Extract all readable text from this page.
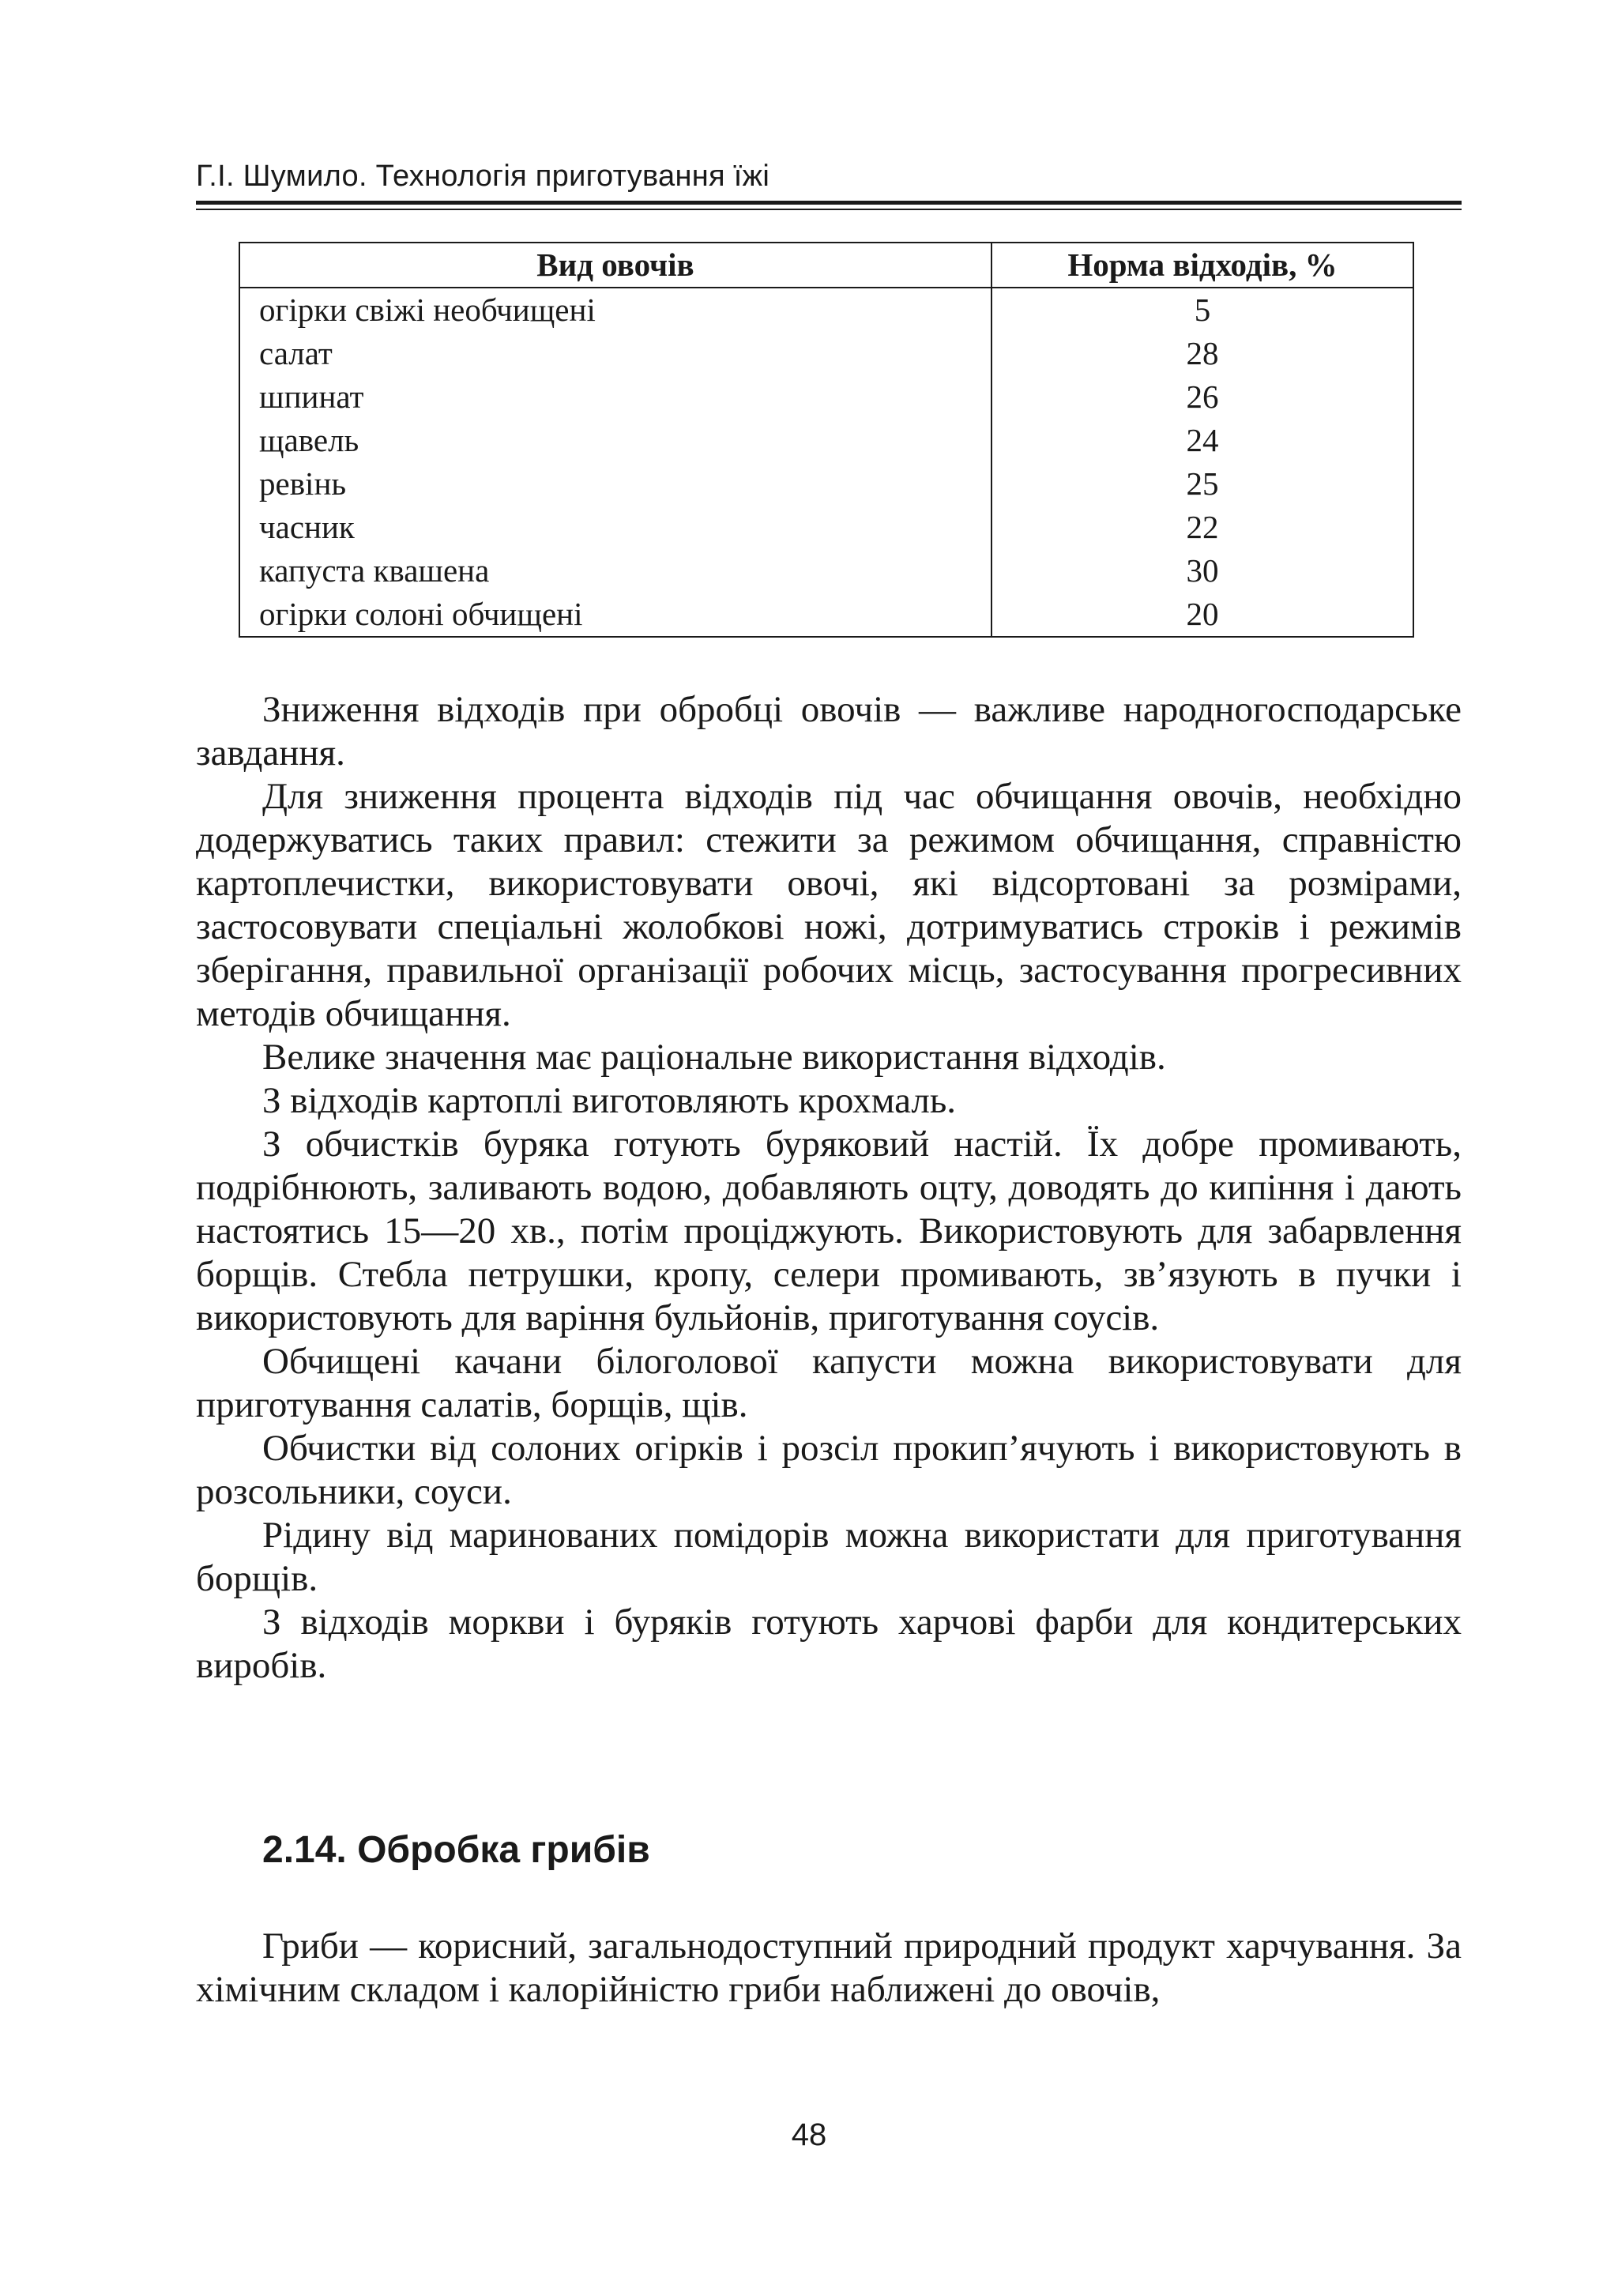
Г.І. Шумило. Технологія приготування їжі
Вид овочів	Норма відходів, %
огірки свіжі необчищені	5
салат	28
шпинат	26
щавель	24
ревінь	25
часник	22
капуста квашена	30
огірки солоні обчищені	20

Зниження відходів при обробці овочів — важливе народногосподарське завдання.

Для зниження процента відходів під час обчищання овочів, необхідно додержуватись таких правил: стежити за режимом обчищання, справністю картоплечистки, використовувати овочі, які відсортовані за розмірами, застосовувати спеціальні жолобкові ножі, дотримуватись строків і режимів зберігання, правильної організації робочих місць, застосування прогресивних методів обчищання.

Велике значення має раціональне використання відходів.

З відходів картоплі виготовляють крохмаль.

З обчистків буряка готують буряковий настій. Їх добре промивають, подрібнюють, заливають водою, добавляють оцту, доводять до кипіння і дають настоятись 15—20 хв., потім проціджують. Використовують для забарвлення борщів. Стебла петрушки, кропу, селери промивають, зв’язують в пучки і використовують для варіння бульйонів, приготування соусів.

Обчищені качани білоголової капусти можна використовувати для приготування салатів, борщів, щів.

Обчистки від солоних огірків і розсіл прокип’ячують і використовують в розсольники, соуси.

Рідину від маринованих помідорів можна використати для приготування борщів.

З відходів моркви і буряків готують харчові фарби для кондитерських виробів.

2.14. Обробка грибів

Гриби — корисний, загальнодоступний природний продукт харчування. За хімічним складом і калорійністю гриби наближені до овочів,

48
